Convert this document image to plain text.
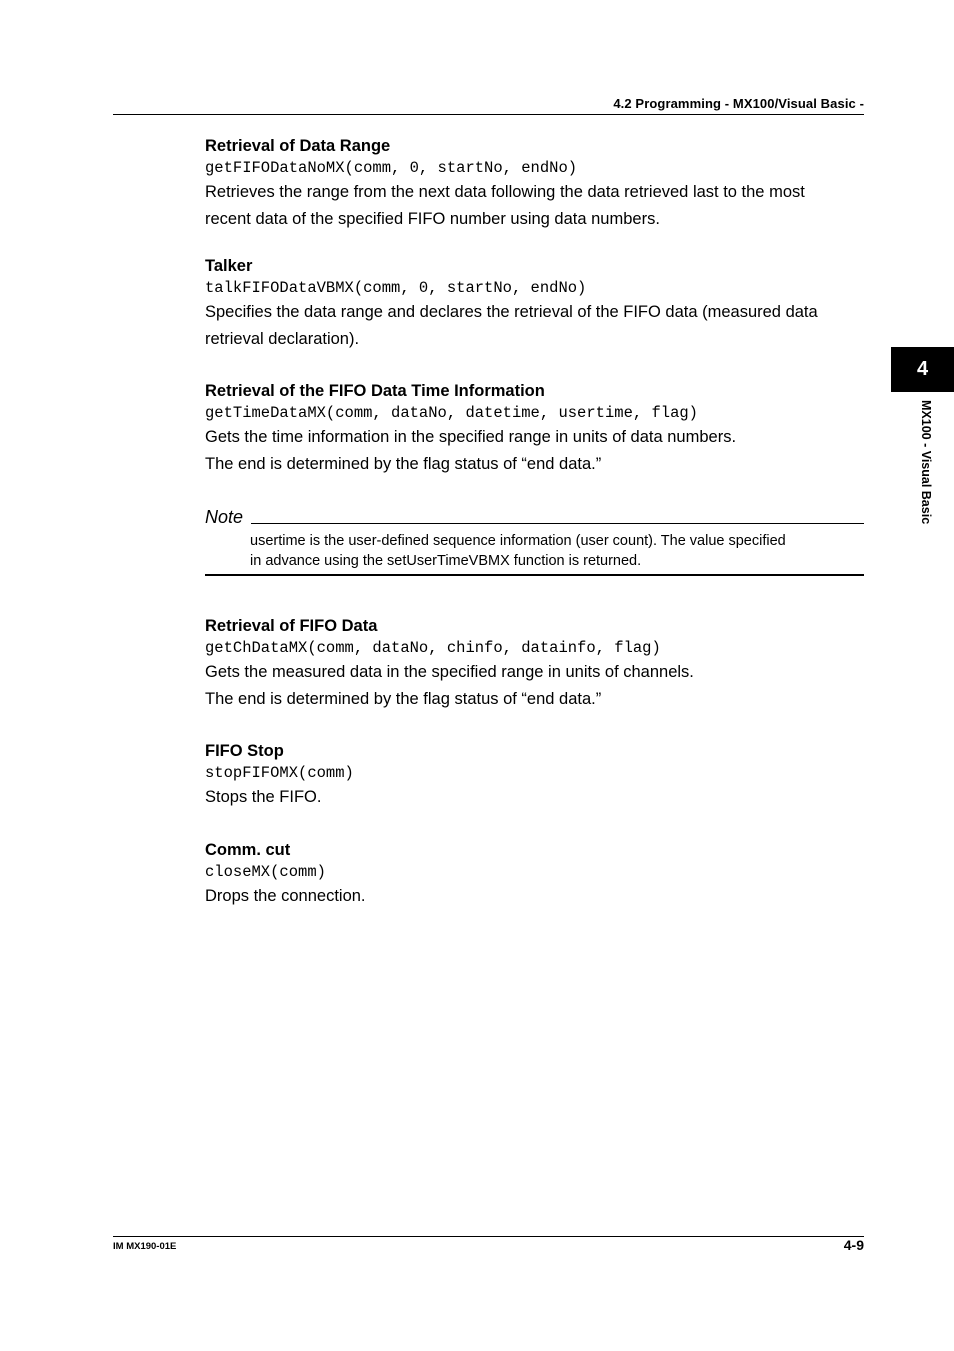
4.2 Programming - MX100/Visual Basic -
Retrieval of Data Range
getFIFODataNoMX(comm, 0, startNo, endNo)
Retrieves the range from the next data following the data retrieved last to the most
recent data of the specified FIFO number using data numbers.
Talker
talkFIFODataVBMX(comm, 0, startNo, endNo)
Specifies the data range and declares the retrieval of the FIFO data (measured data
retrieval declaration).
Retrieval of the FIFO Data Time Information
getTimeDataMX(comm, dataNo, datetime, usertime, flag)
Gets the time information in the specified range in units of data numbers.
The end is determined by the flag status of “end data.”
Retrieval of FIFO Data
getChDataMX(comm, dataNo, chinfo, datainfo, flag)
Gets the measured data in the specified range in units of channels.
The end is determined by the flag status of “end data.”
FIFO Stop
stopFIFOMX(comm)
Stops the FIFO.
Comm. cut
closeMX(comm)
Drops the connection.
Note
usertime is the user-defined sequence information (user count). The value specified
in advance using the setUserTimeVBMX function is returned.
4
MX100 - Visual Basic
IM MX190-01E	4-9
